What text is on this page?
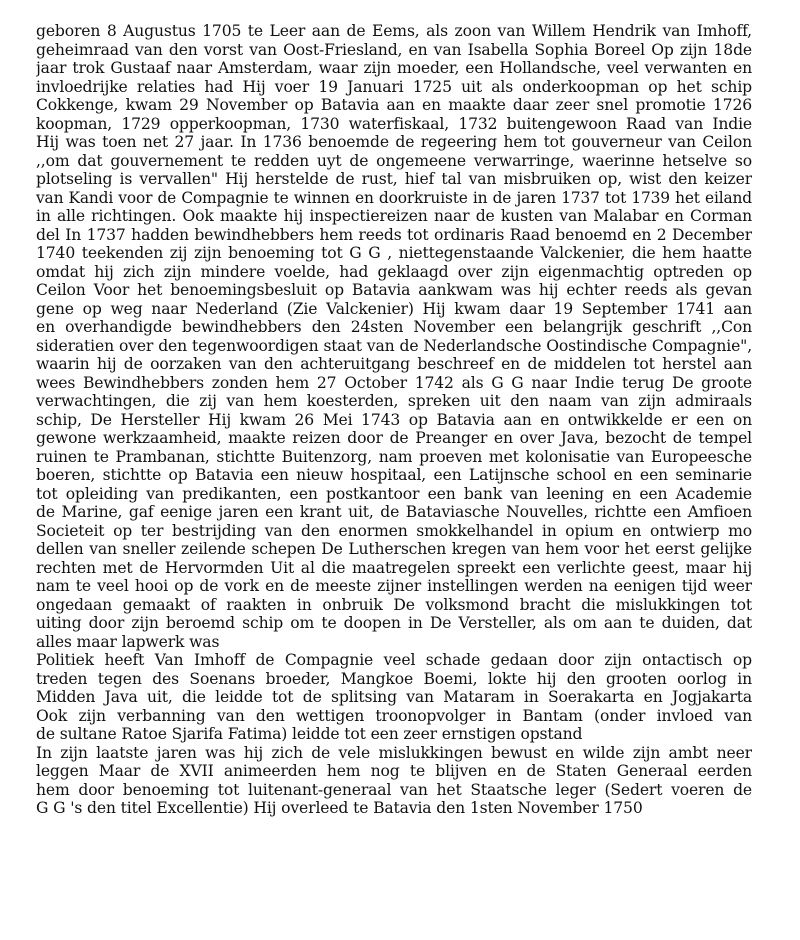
geboren 8 Augustus 1705 te Leer aan de Eems, als zoon van Willem Hendrik van Imhoff,
geheimraad van den vorst van Oost-Friesland, en van Isabella Sophia Boreel Op zijn 18de
jaar trok Gustaaf naar Amsterdam, waar zijn moeder, een Hollandsche, veel verwanten en
invloedrijke relaties had Hij voer 19 Januari 1725 uit als onderkoopman op het schip
Cokkenge, kwam 29 November op Batavia aan en maakte daar zeer snel promotie 1726
koopman, 1729 opperkoopman, 1730 waterfiskaal, 1732 buitengewoon Raad van Indie
Hij was toen net 27 jaar. In 1736 benoemde de regeering hem tot gouverneur van Ceilon
,,om dat gouvernement te redden uyt de ongemeene verwarringe, waerinne hetselve so
plotseling is vervallen" Hij herstelde de rust, hief tal van misbruiken op, wist den keizer
van Kandi voor de Compagnie te winnen en doorkruiste in de jaren 1737 tot 1739 het eiland
in alle richtingen. Ook maakte hij inspectiereizen naar de kusten van Malabar en Corman
del In 1737 hadden bewindhebbers hem reeds tot ordinaris Raad benoemd en 2 December
1740 teekenden zij zijn benoeming tot G G , niettegenstaande Valckenier, die hem haatte
omdat hij zich zijn mindere voelde, had geklaagd over zijn eigenmachtig optreden op
Ceilon Voor het benoemingsbesluit op Batavia aankwam was hij echter reeds als gevan
gene op weg naar Nederland (Zie Valckenier) Hij kwam daar 19 September 1741 aan
en overhandigde bewindhebbers den 24sten November een belangrijk geschrift ,,Con
sideratien over den tegenwoordigen staat van de Nederlandsche Oostindische Compagnie",
waarin hij de oorzaken van den achteruitgang beschreef en de middelen tot herstel aan
wees Bewindhebbers zonden hem 27 October 1742 als G G naar Indie terug De groote
verwachtingen, die zij van hem koesterden, spreken uit den naam van zijn admiraals
schip, De Hersteller Hij kwam 26 Mei 1743 op Batavia aan en ontwikkelde er een on
gewone werkzaamheid, maakte reizen door de Preanger en over Java, bezocht de tempel
ruinen te Prambanan, stichtte Buitenzorg, nam proeven met kolonisatie van Europeesche
boeren, stichtte op Batavia een nieuw hospitaal, een Latijnsche school en een seminarie
tot opleiding van predikanten, een postkantoor een bank van leening en een Academie
de Marine, gaf eenige jaren een krant uit, de Bataviasche Nouvelles, richtte een Amfioen
Societeit op ter bestrijding van den enormen smokkelhandel in opium en ontwierp mo
dellen van sneller zeilende schepen De Lutherschen kregen van hem voor het eerst gelijke
rechten met de Hervormden Uit al die maatregelen spreekt een verlichte geest, maar hij
nam te veel hooi op de vork en de meeste zijner instellingen werden na eenigen tijd weer
ongedaan gemaakt of raakten in onbruik De volksmond bracht die mislukkingen tot
uiting door zijn beroemd schip om te doopen in De Versteller, als om aan te duiden, dat
alles maar lapwerk was
Politiek heeft Van Imhoff de Compagnie veel schade gedaan door zijn ontactisch op
treden tegen des Soenans broeder, Mangkoe Boemi, lokte hij den grooten oorlog in
Midden Java uit, die leidde tot de splitsing van Mataram in Soerakarta en Jogjakarta
Ook zijn verbanning van den wettigen troonopvolger in Bantam (onder invloed van
de sultane Ratoe Sjarifa Fatima) leidde tot een zeer ernstigen opstand
In zijn laatste jaren was hij zich de vele mislukkingen bewust en wilde zijn ambt neer
leggen Maar de XVII animeerden hem nog te blijven en de Staten Generaal eerden
hem door benoeming tot luitenant-generaal van het Staatsche leger (Sedert voeren de
G G 's den titel Excellentie) Hij overleed te Batavia den 1sten November 1750
